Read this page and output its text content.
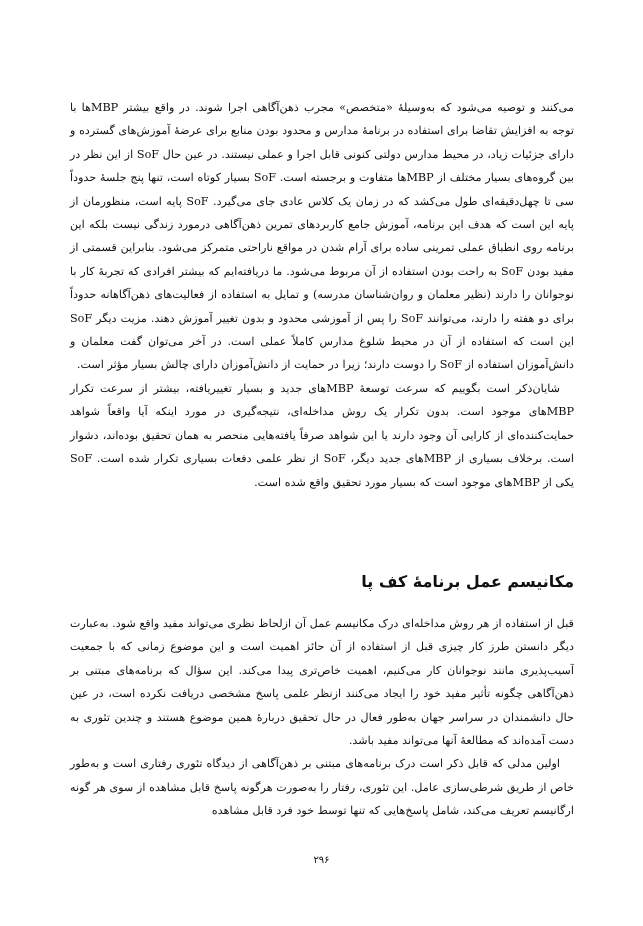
می‌کنند و توصیه می‌شود که به‌وسیلهٔ «متخصص» مجرب ذهن‌آگاهی اجرا شوند. در واقع بیشتر MBPها با توجه به افزایش تقاضا برای استفاده در برنامهٔ مدارس و محدود بودن منابع برای عرضهٔ آموزش‌های گسترده و دارای جزئیات زیاد، در محیط مدارس دولتی کنونی قابل اجرا و عملی نیستند. در عین حال SoF از این نظر در بین گروه‌های بسیار مختلف از MBPها متفاوت و برجسته است. SoF بسیار کوتاه است، تنها پنج جلسهٔ حدوداً سی تا چهل‌دقیقه‌ای طول می‌کشد که در زمان یک کلاس عادی جای می‌گیرد. SoF پایه است، منظورمان از پایه این است که هدف این برنامه، آموزش جامع کاربردهای تمرین ذهن‌آگاهی درمورد زندگی نیست بلکه این برنامه روی انطباق عملی تمرینی ساده برای آرام شدن در مواقع ناراحتی متمرکز می‌شود. بنابراین قسمتی از مفید بودن SoF به راحت بودن استفاده از آن مربوط می‌شود. ما دریافته‌ایم که بیشتر افرادی که تجربهٔ کار با نوجوانان را دارند (نظیر معلمان و روان‌شناسان مدرسه) و تمایل به استفاده از فعالیت‌های ذهن‌آگاهانه حدوداً برای دو هفته را دارند، می‌توانند SoF را پس از آموزشی محدود و بدون تغییر آموزش دهند. مزیت دیگر SoF این است که استفاده از آن در محیط شلوغ مدارس کاملاً عملی است. در آخر می‌توان گفت معلمان و دانش‌آموزان استفاده از SoF را دوست دارند؛ زیرا در حمایت از دانش‌آموزان دارای چالش بسیار مؤثر است.

شایان‌ذکر است بگوییم که سرعت توسعهٔ MBPهای جدید و بسیار تغییریافته، بیشتر از سرعت تکرار MBPهای موجود است. بدون تکرار یک روش مداخله‌ای، نتیجه‌گیری در مورد اینکه آیا واقعاً شواهد حمایت‌کننده‌ای از کارایی آن وجود دارند یا این شواهد صرفاً یافته‌هایی منحصر به همان تحقیق بوده‌اند، دشوار است. برخلاف بسیاری از MBPهای جدید دیگر، SoF از نظر علمی دفعات بسیاری تکرار شده است. SoF یکی از MBPهای موجود است که بسیار مورد تحقیق واقع شده است.

مکانیسم عمل برنامهٔ کف پا

قبل از استفاده از هر روش مداخله‌ای درک مکانیسم عمل آن ازلحاظ نظری می‌تواند مفید واقع شود. به‌عبارت دیگر دانستن طرز کار چیزی قبل از استفاده از آن حائز اهمیت است و این موضوع زمانی که با جمعیت آسیب‌پذیری مانند نوجوانان کار می‌کنیم، اهمیت خاص‌تری پیدا می‌کند. این سؤال که برنامه‌های مبتنی بر ذهن‌آگاهی چگونه تأثیر مفید خود را ایجاد می‌کنند ازنظر علمی پاسخ مشخصی دریافت نکرده است، در عین حال دانشمندان در سراسر جهان به‌طور فعال در حال تحقیق دربارهٔ همین موضوع هستند و چندین تئوری به دست آمده‌اند که مطالعهٔ آنها می‌تواند مفید باشد.

اولین مدلی که قابل ذکر است درک برنامه‌های مبتنی بر ذهن‌آگاهی از دیدگاه تئوری رفتاری است و به‌طور خاص از طریق شرطی‌سازی عامل. این تئوری، رفتار را به‌صورت هرگونه پاسخ قابل مشاهده از سوی هر گونه ارگانیسم تعریف می‌کند، شامل پاسخ‌هایی که تنها توسط خود فرد قابل مشاهده

۲۹۶
